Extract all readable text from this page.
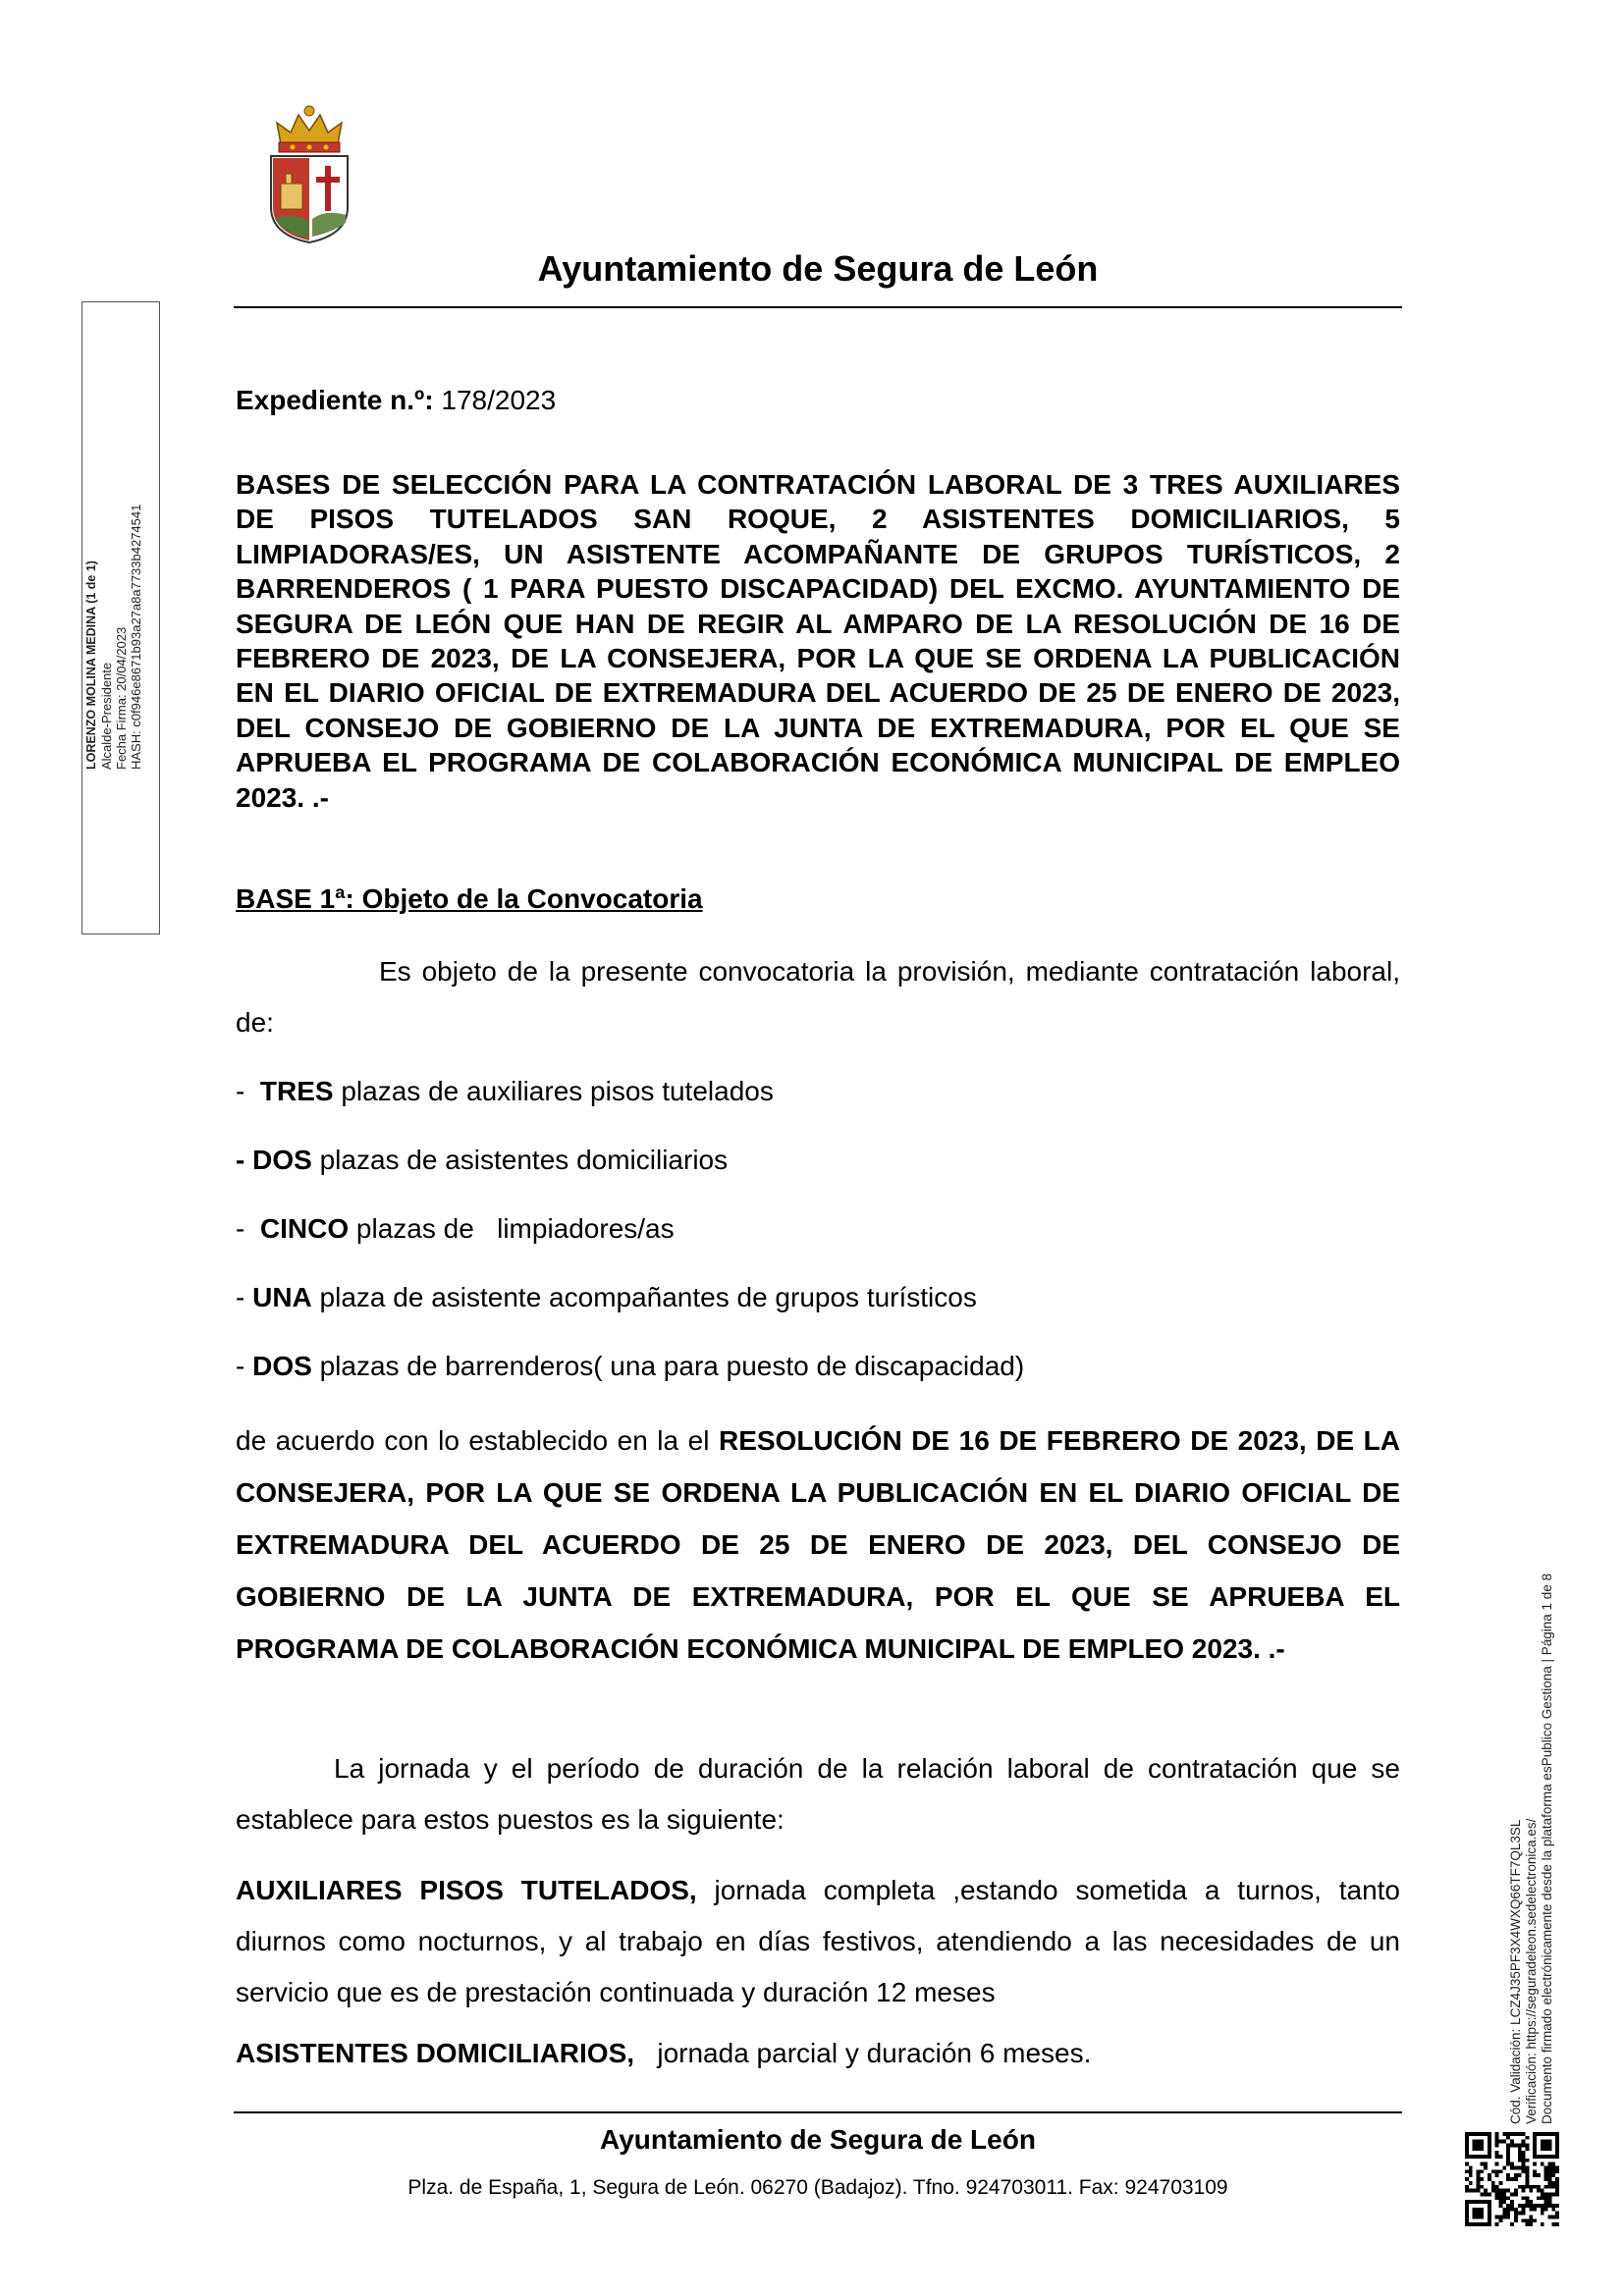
Ayuntamiento de Segura de León
LORENZO MOLINA MEDINA (1 de 1) Alcalde-Presidente Fecha Firma: 20/04/2023 HASH: c0f946e8671b93a27a8a7733b4274541
Cód. Validación: LCZ4J35PF3X4WXQ66TF7QL3SL Verificación: https://seguradeleon.sedelectronica.es/ Documento firmado electrónicamente desde la plataforma esPublico Gestiona | Página 1 de 8
Expediente n.º: 178/2023
BASES DE SELECCIÓN PARA LA CONTRATACIÓN LABORAL DE 3 TRES AUXILIARES DE PISOS TUTELADOS SAN ROQUE, 2 ASISTENTES DOMICILIARIOS, 5 LIMPIADORAS/ES, UN ASISTENTE ACOMPAÑANTE DE GRUPOS TURÍSTICOS, 2 BARRENDEROS ( 1 PARA PUESTO DISCAPACIDAD) DEL EXCMO. AYUNTAMIENTO DE SEGURA DE LEÓN QUE HAN DE REGIR AL AMPARO DE LA RESOLUCIÓN DE 16 DE FEBRERO DE 2023, DE LA CONSEJERA, POR LA QUE SE ORDENA LA PUBLICACIÓN EN EL DIARIO OFICIAL DE EXTREMADURA DEL ACUERDO DE 25 DE ENERO DE 2023, DEL CONSEJO DE GOBIERNO DE LA JUNTA DE EXTREMADURA, POR EL QUE SE APRUEBA EL PROGRAMA DE COLABORACIÓN ECONÓMICA MUNICIPAL DE EMPLEO 2023. .-
BASE 1ª: Objeto de la Convocatoria
Es objeto de la presente convocatoria la provisión, mediante contratación laboral, de:
-  TRES plazas de auxiliares pisos tutelados
- DOS plazas de asistentes domiciliarios
-  CINCO plazas de   limpiadores/as
- UNA plaza de asistente acompañantes de grupos turísticos
- DOS plazas de barrenderos( una para puesto de discapacidad)
de acuerdo con lo establecido en la el RESOLUCIÓN DE 16 DE FEBRERO DE 2023, DE LA CONSEJERA, POR LA QUE SE ORDENA LA PUBLICACIÓN EN EL DIARIO OFICIAL DE EXTREMADURA DEL ACUERDO DE 25 DE ENERO DE 2023, DEL CONSEJO DE GOBIERNO DE LA JUNTA DE EXTREMADURA, POR EL QUE SE APRUEBA EL PROGRAMA DE COLABORACIÓN ECONÓMICA MUNICIPAL DE EMPLEO 2023. .-
La jornada y el período de duración de la relación laboral de contratación que se establece para estos puestos es la siguiente:
AUXILIARES PISOS TUTELADOS, jornada completa ,estando sometida a turnos, tanto diurnos como nocturnos, y al trabajo en días festivos, atendiendo a las necesidades de un servicio que es de prestación continuada y duración 12 meses
ASISTENTES DOMICILIARIOS,   jornada parcial y duración 6 meses.
Ayuntamiento de Segura de León
Plza. de España, 1, Segura de León. 06270 (Badajoz). Tfno. 924703011. Fax: 924703109
